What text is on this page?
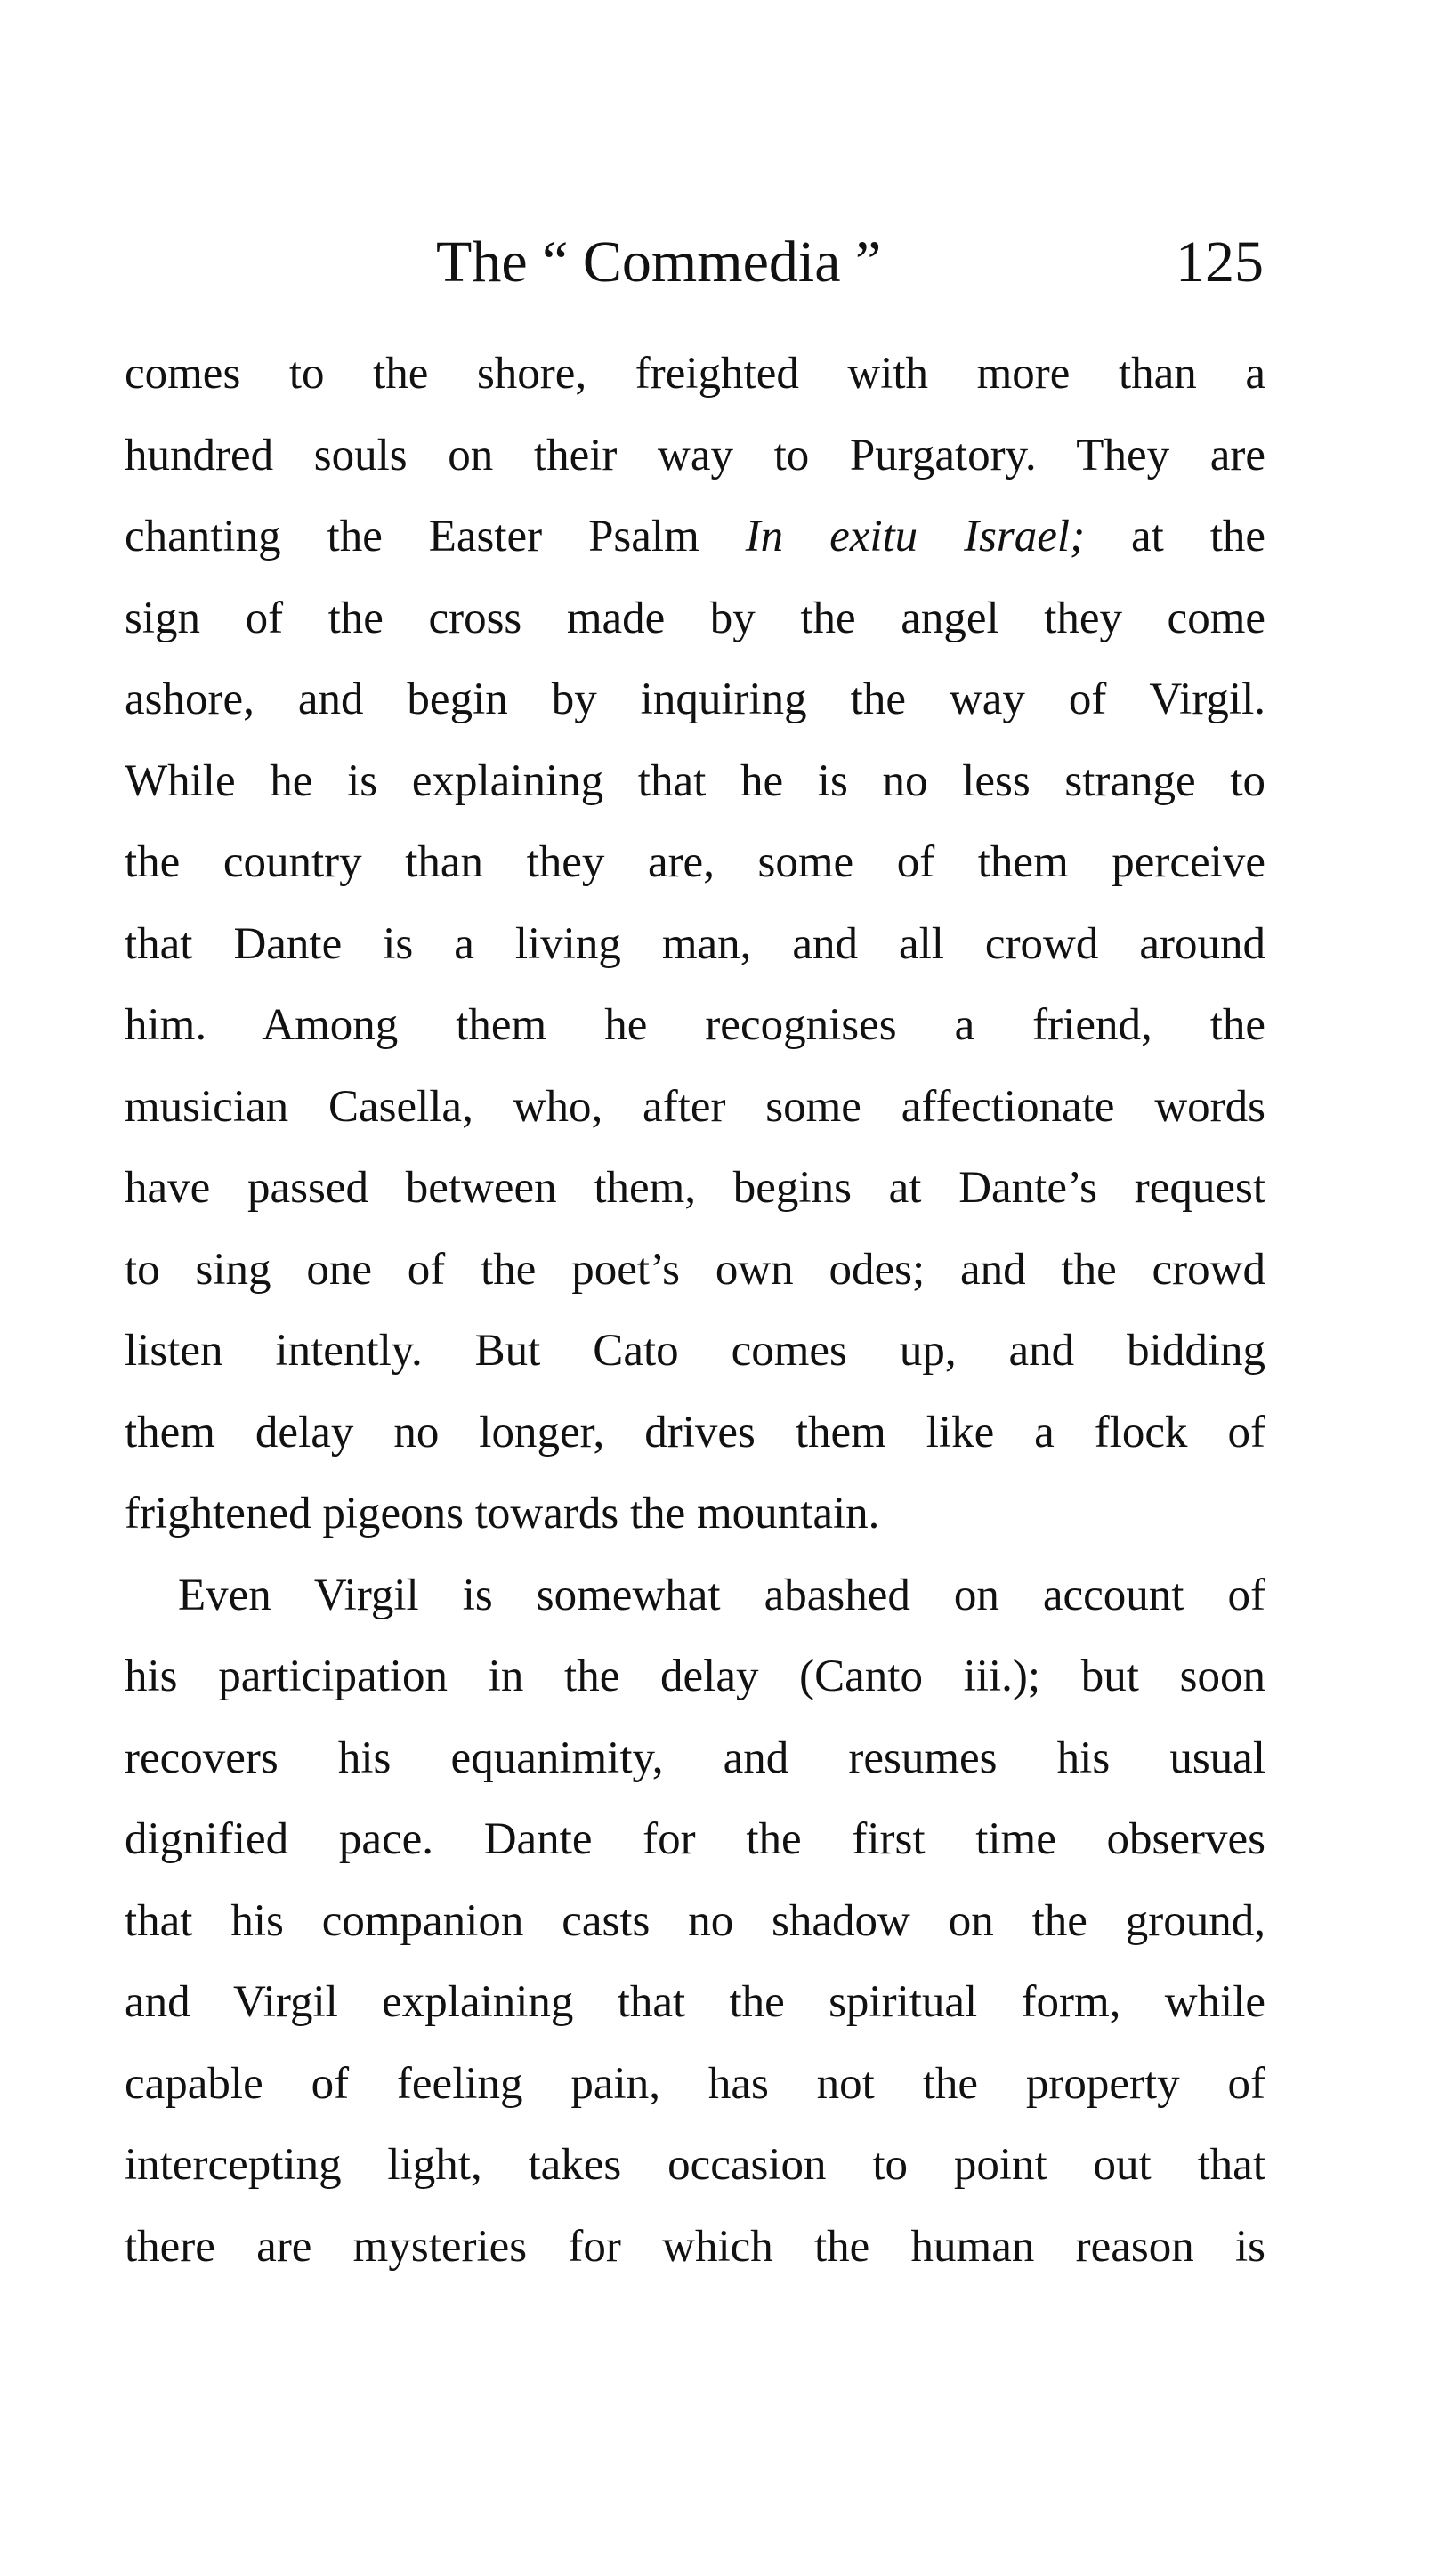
The “ Commedia ”	125
comes to the shore, freighted with more than a
hundred souls on their way to Purgatory. They are
chanting the Easter Psalm In exitu Israel; at the
sign of the cross made by the angel they come
ashore, and begin by inquiring the way of Virgil.
While he is explaining that he is no less strange to
the country than they are, some of them perceive
that Dante is a living man, and all crowd around
him. Among them he recognises a friend, the
musician Casella, who, after some affectionate words
have passed between them, begins at Dante’s request
to sing one of the poet’s own odes; and the crowd
listen intently. But Cato comes up, and bidding
them delay no longer, drives them like a flock of
frightened pigeons towards the mountain.
Even Virgil is somewhat abashed on account of
his participation in the delay (Canto iii.); but soon
recovers his equanimity, and resumes his usual
dignified pace. Dante for the first time observes
that his companion casts no shadow on the ground,
and Virgil explaining that the spiritual form, while
capable of feeling pain, has not the property of
intercepting light, takes occasion to point out that
there are mysteries for which the human reason is
